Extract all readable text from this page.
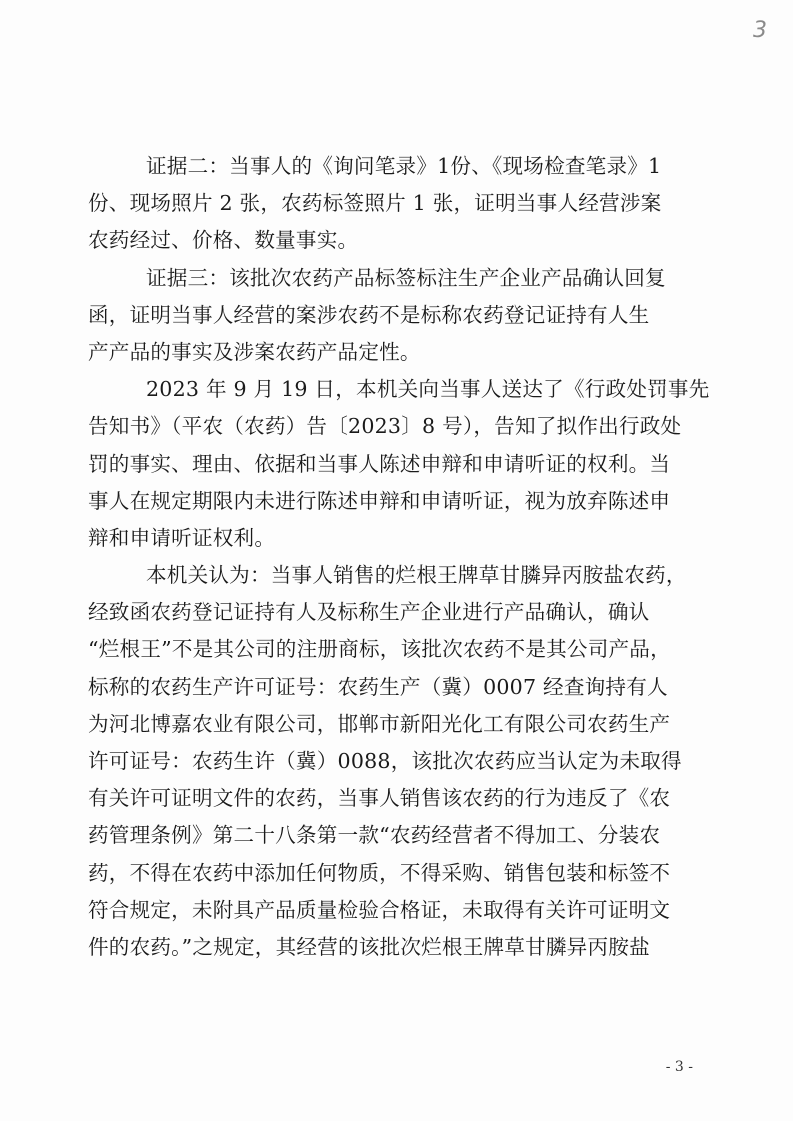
3
证据二：当事人的《询问笔录》1份、《现场检查笔录》1
份、现场照片 2 张，农药标签照片 1 张，证明当事人经营涉案
农药经过、价格、数量事实。
证据三：该批次农药产品标签标注生产企业产品确认回复
函，证明当事人经营的案涉农药不是标称农药登记证持有人生
产产品的事实及涉案农药产品定性。
2023 年 9 月 19 日，本机关向当事人送达了《行政处罚事先
告知书》（平农（农药）告〔2023〕8 号），告知了拟作出行政处
罚的事实、理由、依据和当事人陈述申辩和申请听证的权利。当
事人在规定期限内未进行陈述申辩和申请听证，视为放弃陈述申
辩和申请听证权利。
本机关认为：当事人销售的烂根王牌草甘膦异丙胺盐农药，
经致函农药登记证持有人及标称生产企业进行产品确认，确认
“烂根王”不是其公司的注册商标，该批次农药不是其公司产品，
标称的农药生产许可证号：农药生产（冀）0007 经查询持有人
为河北博嘉农业有限公司，邯郸市新阳光化工有限公司农药生产
许可证号：农药生许（冀）0088，该批次农药应当认定为未取得
有关许可证明文件的农药，当事人销售该农药的行为违反了《农
药管理条例》第二十八条第一款“农药经营者不得加工、分装农
药，不得在农药中添加任何物质，不得采购、销售包装和标签不
符合规定，未附具产品质量检验合格证，未取得有关许可证明文
件的农药。”之规定，其经营的该批次烂根王牌草甘膦异丙胺盐
- 3 -
